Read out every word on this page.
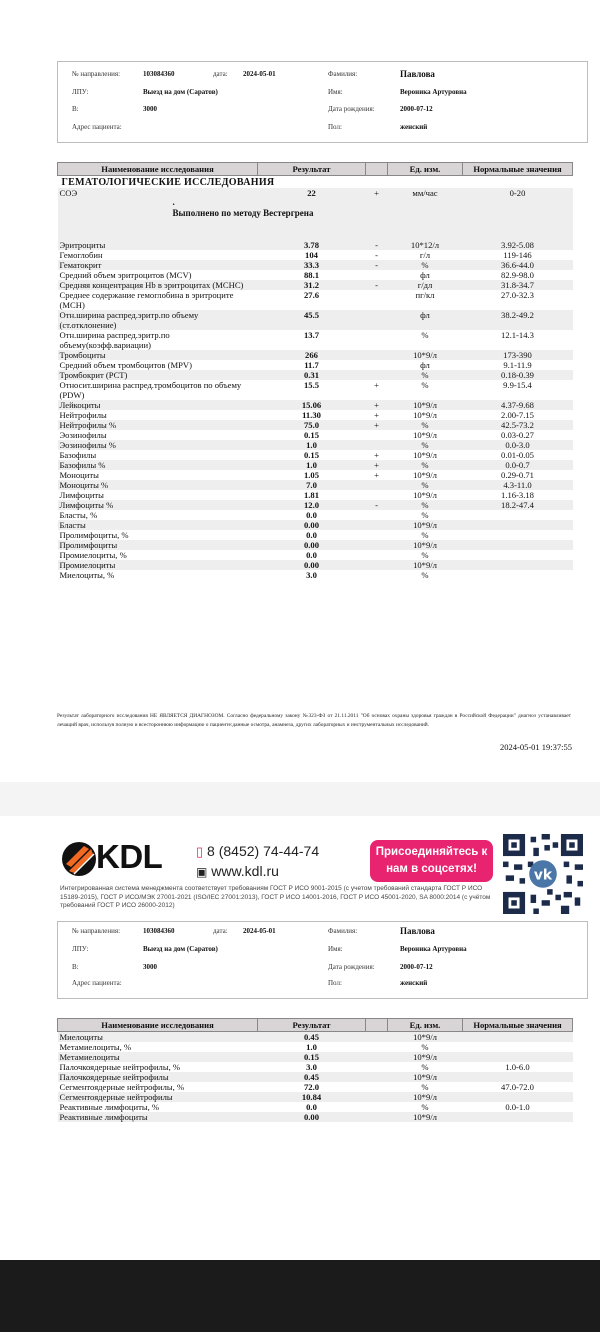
№ направления:	103084360	дата: 2024-05-01	Фамилия:	Павлова
ЛПУ:	Выезд на дом (Саратов)	Имя:	Вероника Артуровна
В:	3000	Дата рождения:	2000-07-12
Адрес пациента:	Пол:	женский
Наименование исследования	Результат		Ед. изм.	Нормальные значения
ГЕМАТОЛОГИЧЕСКИЕ ИССЛЕДОВАНИЯ				
СОЭ	22	+	мм/час	0-20

.
Выполнено по методу Вестергрена				

Эритроциты	3.78	-	10*12/л	3.92-5.08
Гемоглобин	104	-	г/л	119-146
Гематокрит	33.3	-	%	36.6-44.0
Средний объем эритроцитов (MCV)	88.1		фл	82.9-98.0
Средняя концентрация Hb в эритроцитах (MCHC)	31.2	-	г/дл	31.8-34.7
Среднее содержание гемоглобина в эритроците (MCH)	27.6		пг/кл	27.0-32.3
Отн.ширина распред.эритр.по объему (ст.отклонение)	45.5		фл	38.2-49.2
Отн.ширина распред.эритр.по объему(коэфф.вариации)	13.7		%	12.1-14.3
Тромбоциты	266		10*9/л	173-390
Средний объем тромбоцитов (MPV)	11.7		фл	9.1-11.9
Тромбокрит (PCT)	0.31		%	0.18-0.39
Относит.ширина распред.тромбоцитов по объему (PDW)	15.5	+	%	9.9-15.4
Лейкоциты	15.06	+	10*9/л	4.37-9.68
Нейтрофилы	11.30	+	10*9/л	2.00-7.15
Нейтрофилы %	75.0	+	%	42.5-73.2
Эозинофилы	0.15		10*9/л	0.03-0.27
Эозинофилы %	1.0		%	0.0-3.0
Базофилы	0.15	+	10*9/л	0.01-0.05
Базофилы %	1.0	+	%	0.0-0.7
Моноциты	1.05	+	10*9/л	0.29-0.71
Моноциты %	7.0		%	4.3-11.0
Лимфоциты	1.81		10*9/л	1.16-3.18
Лимфоциты %	12.0	-	%	18.2-47.4
Бласты, %	0.0		%	
Бласты	0.00		10*9/л	
Пролимфоциты, %	0.0		%	
Пролимфоциты	0.00		10*9/л	
Промиелоциты, %	0.0		%	
Промиелоциты	0.00		10*9/л	
Миелоциты, %	3.0		%	
Результат лабораторного исследования НЕ ЯВЛЯЕТСЯ ДИАГНОЗОМ. Согласно федеральному закону №323-ФЗ от 21.11.2011 "Об основах охраны здоровья граждан в Российской Федерации" диагноз устанавливает лечащий врач, используя полную и всестороннюю информацию о пациенте:данные осмотра, анамнеза, других лабораторных и инструментальных исследований.
2024-05-01 19:37:55
KDL	▯ 8 (8452) 74-44-74
▣ www.kdl.ru
Присоединяйтесь к нам в соцсетях!	vk
Интегрированная система менеджмента соответствует требованиям ГОСТ Р ИСО 9001-2015 (с учетом требований стандарта ГОСТ Р ИСО 15189-2015), ГОСТ Р ИСО/МЭК 27001-2021 (ISO/IEC 27001:2013), ГОСТ Р ИСО 14001-2016, ГОСТ Р ИСО 45001-2020, SA 8000:2014 (с учётом требований ГОСТ Р ИСО 26000-2012)
№ направления:	103084360	дата: 2024-05-01	Фамилия:	Павлова
ЛПУ:	Выезд на дом (Саратов)	Имя:	Вероника Артуровна
В:	3000	Дата рождения:	2000-07-12
Адрес пациента:	Пол:	женский
Наименование исследования	Результат		Ед. изм.	Нормальные значения
Миелоциты	0.45		10*9/л	
Метамиелоциты, %	1.0		%	
Метамиелоциты	0.15		10*9/л	
Палочкоядерные нейтрофилы, %	3.0		%	1.0-6.0
Палочкоядерные нейтрофилы	0.45		10*9/л	
Сегментоядерные нейтрофилы, %	72.0		%	47.0-72.0
Сегментоядерные нейтрофилы	10.84		10*9/л	
Реактивные лимфоциты, %	0.0		%	0.0-1.0
Реактивные лимфоциты	0.00		10*9/л	
